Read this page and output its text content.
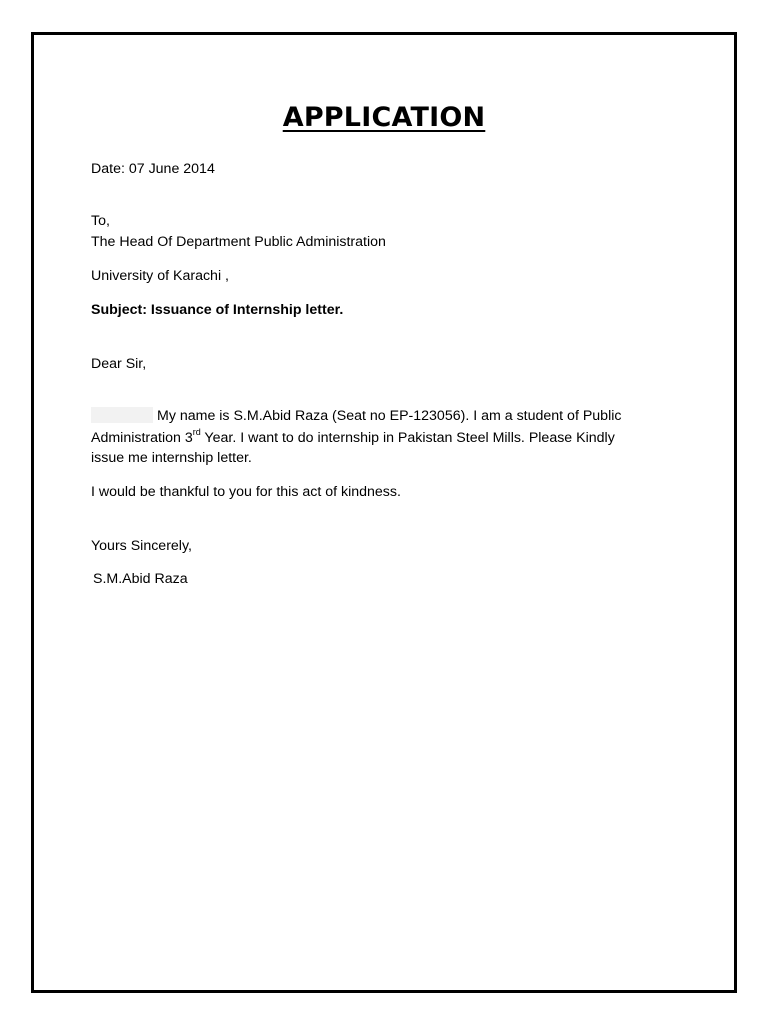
APPLICATION
Date: 07 June 2014
To,
The Head Of Department Public Administration
University of Karachi ,
Subject: Issuance of Internship letter.
Dear Sir,
My name is S.M.Abid Raza (Seat no EP-123056). I am a student of Public
Administration 3rd Year. I want to do internship in Pakistan Steel Mills. Please Kindly
issue me internship letter.
I would be thankful to you for this act of kindness.
Yours Sincerely,
S.M.Abid Raza
